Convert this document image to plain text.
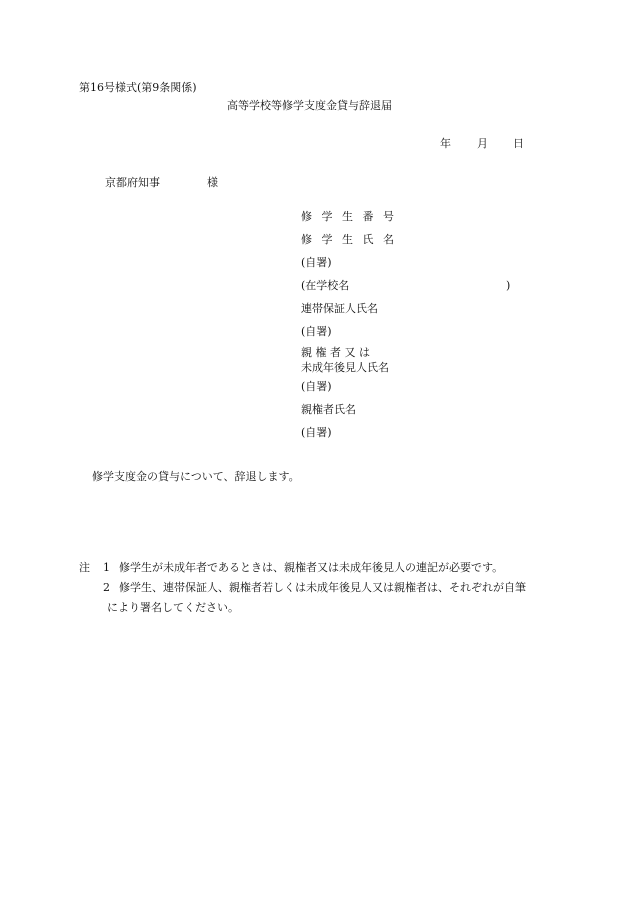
第16号様式(第9条関係)
高等学校等修学支度金貸与辞退届
年 月 日
京都府知事	様
修 学 生 番 号
修 学 生 氏 名
(自署)
(在学校名	)
連帯保証人氏名
(自署)
親 権 者 又 は
未成年後見人氏名
(自署)
親権者氏名
(自署)
修学支度金の貸与について、辞退します。
注 1 修学生が未成年者であるときは、親権者又は未成年後見人の連記が必要です。
2 修学生、連帯保証人、親権者若しくは未成年後見人又は親権者は、それぞれが自筆
により署名してください。
